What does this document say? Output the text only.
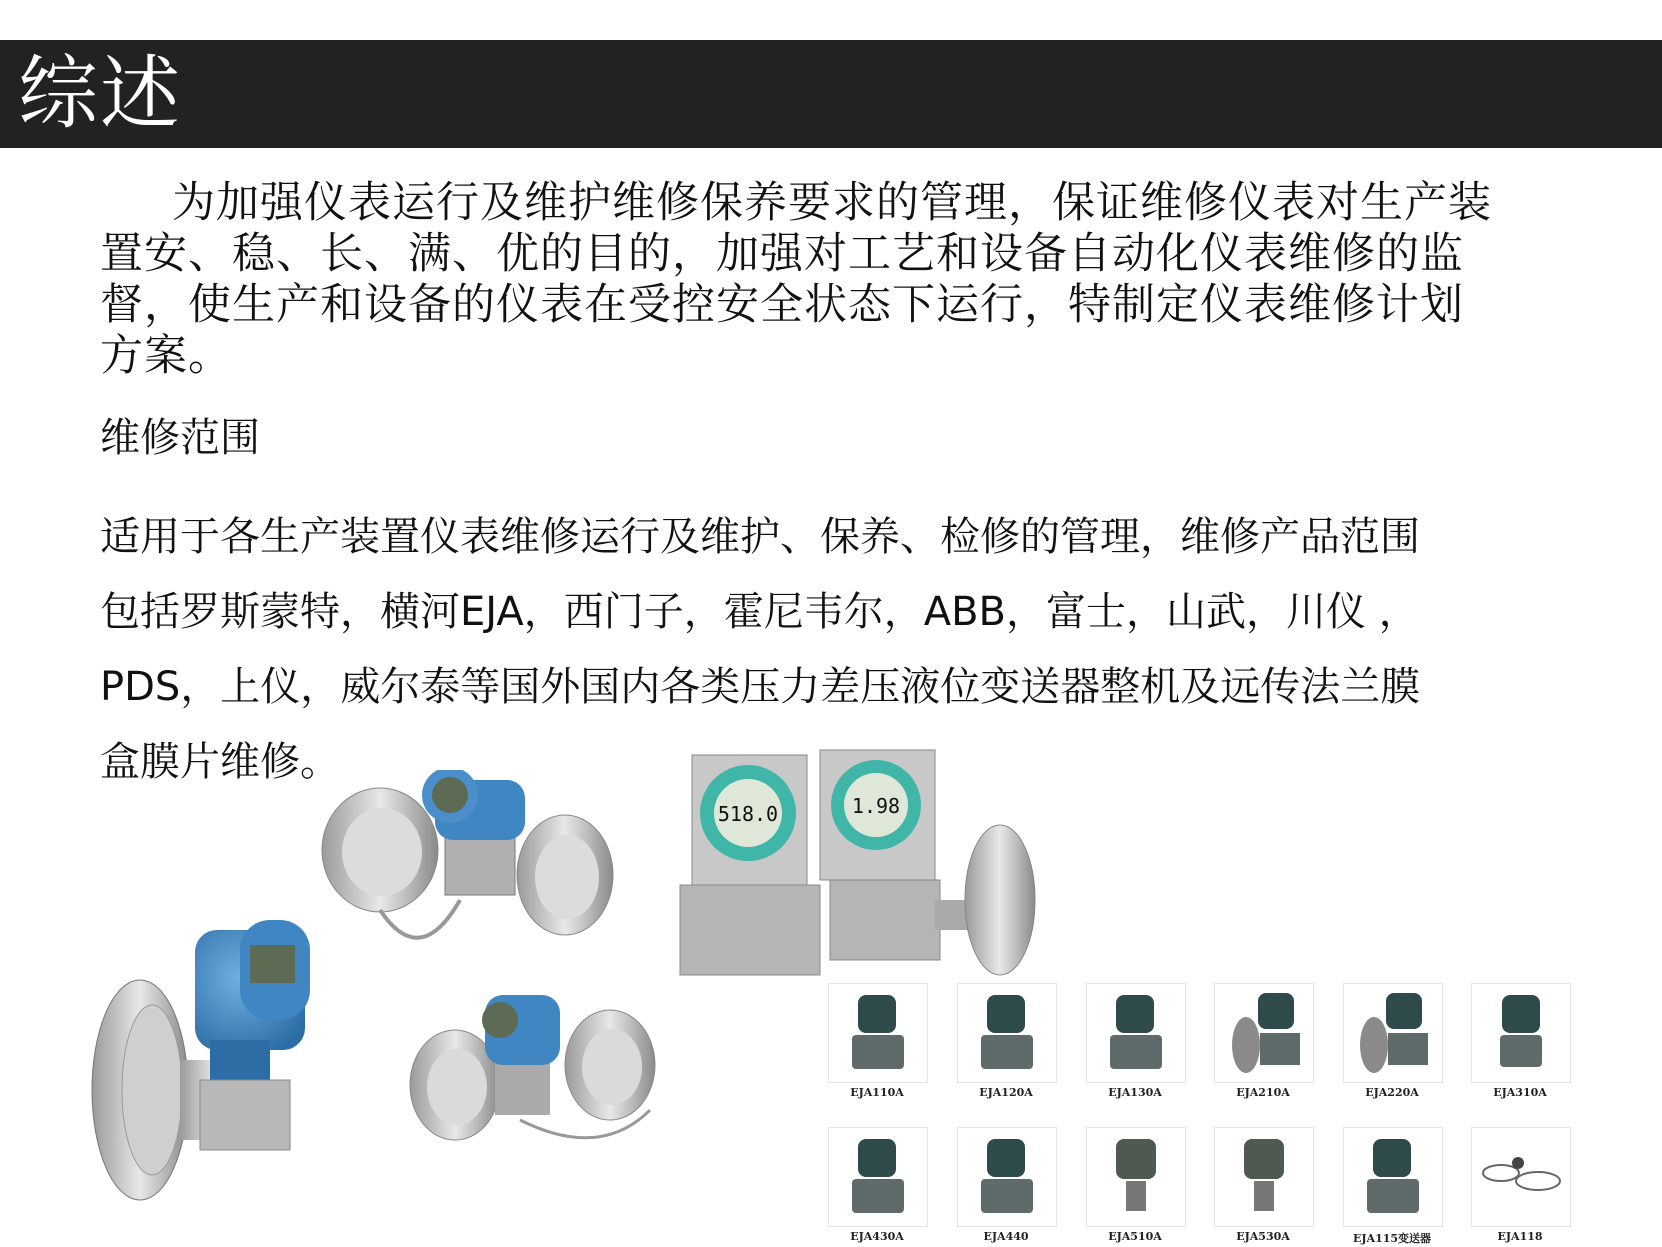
综述

为加强仪表运行及维护维修保养要求的管理，保证维修仪表对生产装置安、稳、长、满、优的目的，加强对工艺和设备自动化仪表维修的监督，使生产和设备的仪表在受控安全状态下运行，特制定仪表维修计划方案。

维修范围

适用于各生产装置仪表维修运行及维护、保养、检修的管理，维修产品范围
包括罗斯蒙特，横河EJA，西门子，霍尼韦尔，ABB，富士，山武，川仪 ，
PDS，上仪，威尔泰等国外国内各类压力差压液位变送器整机及远传法兰膜
盒膜片维修。
518.0	1.98
EJA110A	EJA120A	EJA130A	EJA210A	EJA220A	EJA310A
EJA430A	EJA440	EJA510A	EJA530A	EJA115变送器	EJA118
